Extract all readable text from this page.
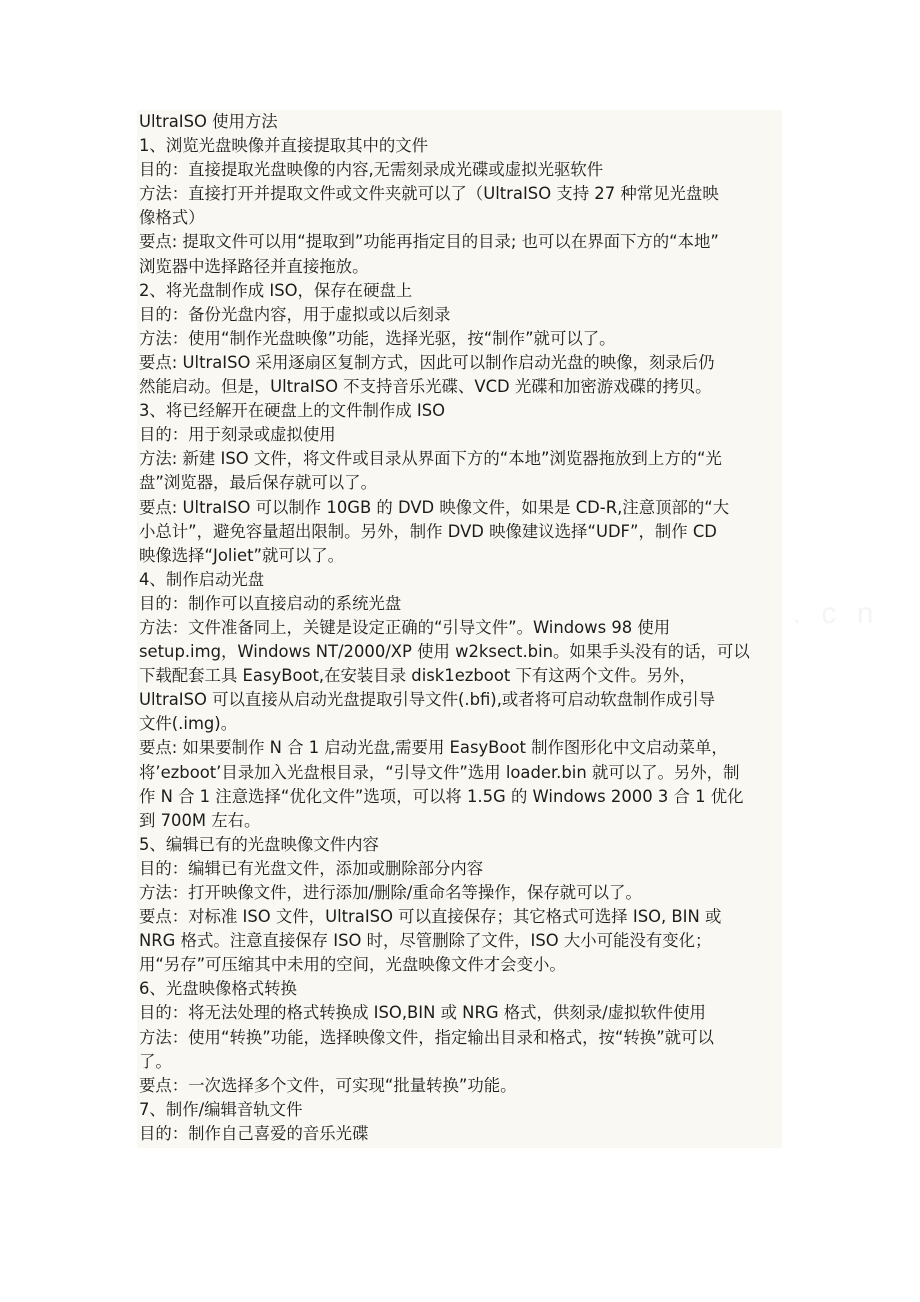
UltraISO 使用方法
1、浏览光盘映像并直接提取其中的文件
目的：直接提取光盘映像的内容,无需刻录成光碟或虚拟光驱软件
方法：直接打开并提取文件或文件夹就可以了（UltraISO 支持 27 种常见光盘映
像格式）
要点: 提取文件可以用“提取到”功能再指定目的目录; 也可以在界面下方的“本地”
浏览器中选择路径并直接拖放。
2、将光盘制作成 ISO，保存在硬盘上
目的：备份光盘内容，用于虚拟或以后刻录
方法：使用“制作光盘映像”功能，选择光驱，按“制作”就可以了。
要点: UltraISO 采用逐扇区复制方式，因此可以制作启动光盘的映像，刻录后仍
然能启动。但是，UltraISO 不支持音乐光碟、VCD 光碟和加密游戏碟的拷贝。
3、将已经解开在硬盘上的文件制作成 ISO
目的：用于刻录或虚拟使用
方法: 新建 ISO 文件，将文件或目录从界面下方的“本地”浏览器拖放到上方的“光
盘”浏览器，最后保存就可以了。
要点: UltraISO 可以制作 10GB 的 DVD 映像文件，如果是 CD-R,注意顶部的“大
小总计”，避免容量超出限制。另外，制作 DVD 映像建议选择“UDF”，制作 CD
映像选择“Joliet”就可以了。
4、制作启动光盘
目的：制作可以直接启动的系统光盘
方法：文件准备同上，关键是设定正确的“引导文件”。Windows 98 使用
setup.img，Windows NT/2000/XP 使用 w2ksect.bin。如果手头没有的话，可以
下载配套工具 EasyBoot,在安装目录 disk1ezboot 下有这两个文件。另外，
UltraISO 可以直接从启动光盘提取引导文件(.bfi),或者将可启动软盘制作成引导
文件(.img)。
要点: 如果要制作 N 合 1 启动光盘,需要用 EasyBoot 制作图形化中文启动菜单，
将’ezboot’目录加入光盘根目录，“引导文件”选用 loader.bin 就可以了。另外，制
作 N 合 1 注意选择“优化文件”选项，可以将 1.5G 的 Windows 2000 3 合 1 优化
到 700M 左右。
5、编辑已有的光盘映像文件内容
目的：编辑已有光盘文件，添加或删除部分内容
方法：打开映像文件，进行添加/删除/重命名等操作，保存就可以了。
要点：对标准 ISO 文件，UltraISO 可以直接保存；其它格式可选择 ISO, BIN 或
NRG 格式。注意直接保存 ISO 时，尽管删除了文件，ISO 大小可能没有变化；
用“另存”可压缩其中未用的空间，光盘映像文件才会变小。
6、光盘映像格式转换
目的：将无法处理的格式转换成 ISO,BIN 或 NRG 格式，供刻录/虚拟软件使用
方法：使用“转换”功能，选择映像文件，指定输出目录和格式，按“转换”就可以
了。
要点：一次选择多个文件，可实现“批量转换”功能。
7、制作/编辑音轨文件
目的：制作自己喜爱的音乐光碟
